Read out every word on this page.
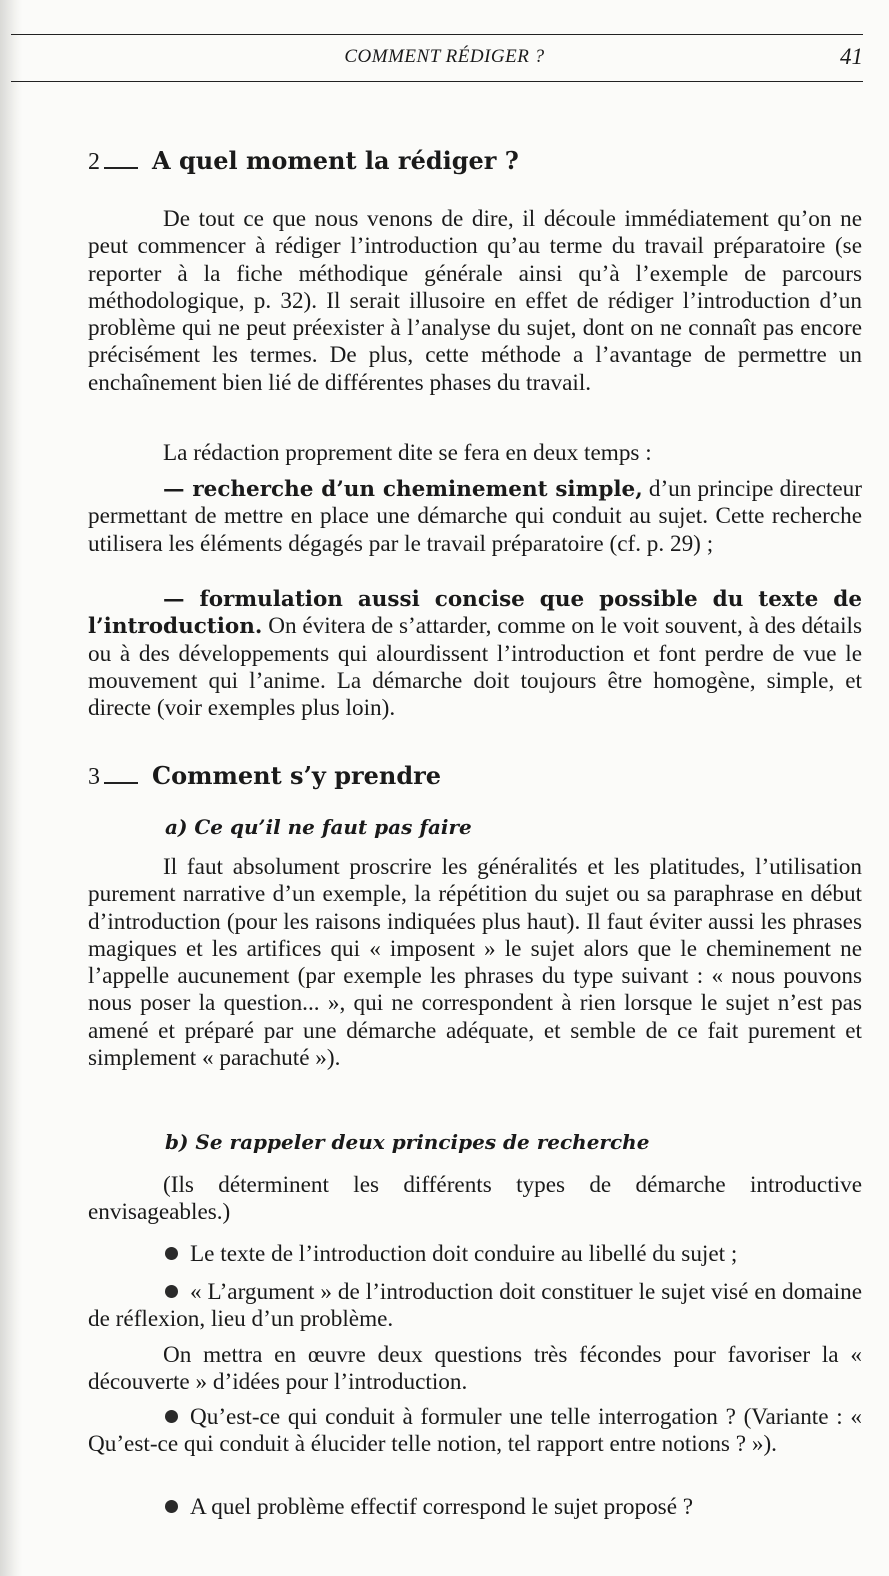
COMMENT RÉDIGER ?	41
2 A quel moment la rédiger ?

De tout ce que nous venons de dire, il découle immédiatement qu’on ne peut commencer à rédiger l’introduction qu’au terme du travail préparatoire (se reporter à la fiche méthodique générale ainsi qu’à l’exemple de parcours méthodologique, p. 32). Il serait illusoire en effet de rédiger l’introduction d’un problème qui ne peut préexister à l’analyse du sujet, dont on ne connaît pas encore précisément les termes. De plus, cette méthode a l’avantage de permettre un enchaînement bien lié de différentes phases du travail.

La rédaction proprement dite se fera en deux temps :

— recherche d’un cheminement simple, d’un principe directeur permettant de mettre en place une démarche qui conduit au sujet. Cette recherche utilisera les éléments dégagés par le travail préparatoire (cf. p. 29) ;

— formulation aussi concise que possible du texte de l’introduction. On évitera de s’attarder, comme on le voit souvent, à des détails ou à des développements qui alourdissent l’introduction et font perdre de vue le mouvement qui l’anime. La démarche doit toujours être homogène, simple, et directe (voir exemples plus loin).

3 Comment s’y prendre
a) Ce qu’il ne faut pas faire

Il faut absolument proscrire les généralités et les platitudes, l’utilisation purement narrative d’un exemple, la répétition du sujet ou sa paraphrase en début d’introduction (pour les raisons indiquées plus haut). Il faut éviter aussi les phrases magiques et les artifices qui « imposent » le sujet alors que le cheminement ne l’appelle aucunement (par exemple les phrases du type suivant : « nous pouvons nous poser la question... », qui ne correspondent à rien lorsque le sujet n’est pas amené et préparé par une démarche adéquate, et semble de ce fait purement et simplement « parachuté »).

b) Se rappeler deux principes de recherche

(Ils déterminent les différents types de démarche introductive envisageables.)

Le texte de l’introduction doit conduire au libellé du sujet ;

« L’argument » de l’introduction doit constituer le sujet visé en domaine de réflexion, lieu d’un problème.

On mettra en œuvre deux questions très fécondes pour favoriser la « découverte » d’idées pour l’introduction.

Qu’est-ce qui conduit à formuler une telle interrogation ? (Variante : « Qu’est-ce qui conduit à élucider telle notion, tel rapport entre notions ? »).

A quel problème effectif correspond le sujet proposé ?
